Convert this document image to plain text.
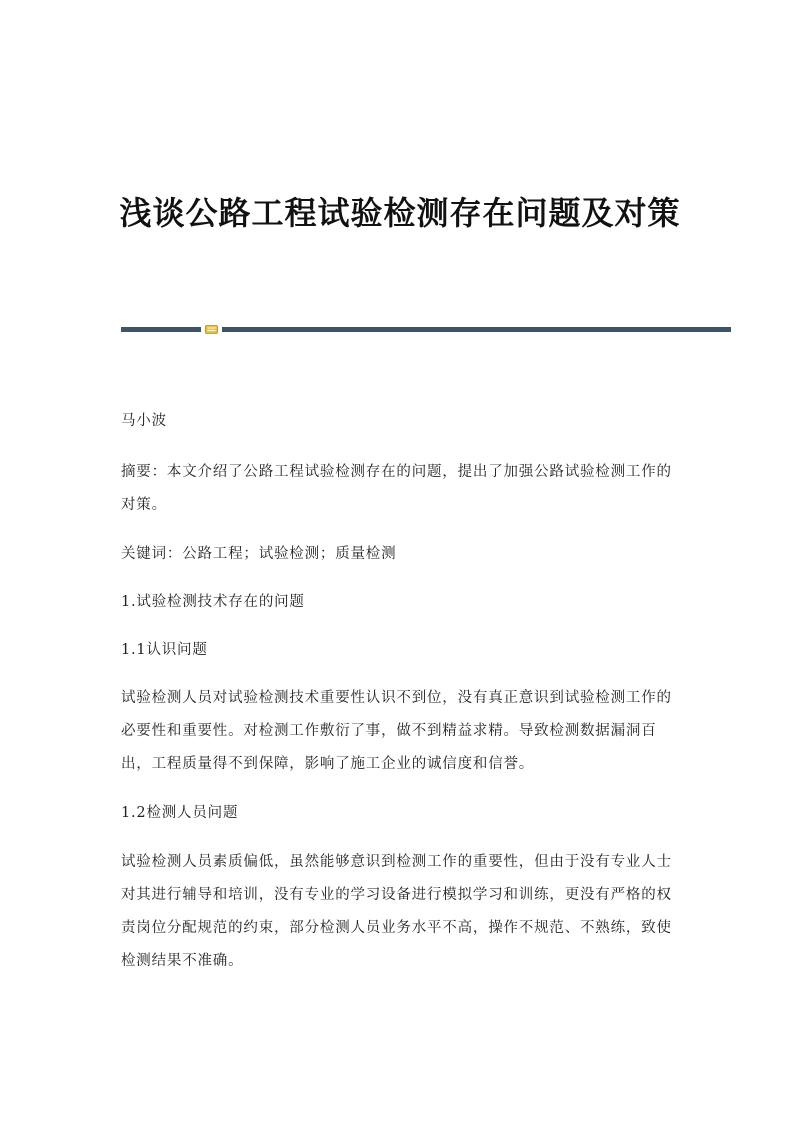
浅谈公路工程试验检测存在问题及对策

马小波

摘要：本文介绍了公路工程试验检测存在的问题，提出了加强公路试验检测工作的对策。

关键词：公路工程；试验检测；质量检测

1.试验检测技术存在的问题

1.1认识问题

试验检测人员对试验检测技术重要性认识不到位，没有真正意识到试验检测工作的必要性和重要性。对检测工作敷衍了事，做不到精益求精。导致检测数据漏洞百出，工程质量得不到保障，影响了施工企业的诚信度和信誉。

1.2检测人员问题

试验检测人员素质偏低，虽然能够意识到检测工作的重要性，但由于没有专业人士对其进行辅导和培训，没有专业的学习设备进行模拟学习和训练，更没有严格的权责岗位分配规范的约束，部分检测人员业务水平不高，操作不规范、不熟练，致使检测结果不准确。
